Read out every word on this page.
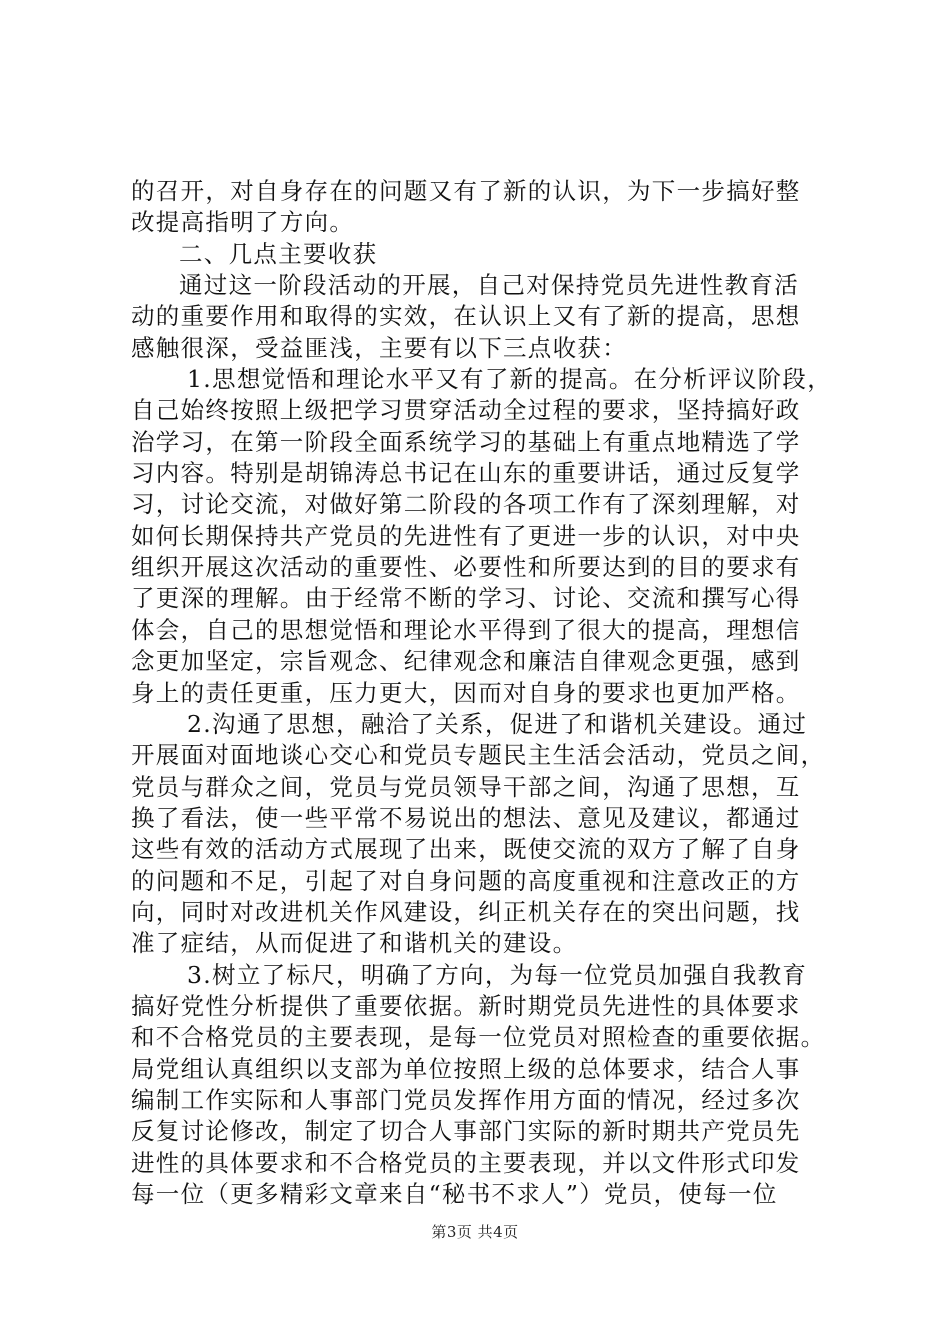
的召开，对自身存在的问题又有了新的认识，为下一步搞好整
改提高指明了方向。
二、几点主要收获
通过这一阶段活动的开展，自己对保持党员先进性教育活
动的重要作用和取得的实效，在认识上又有了新的提高，思想
感触很深，受益匪浅，主要有以下三点收获：
1.思想觉悟和理论水平又有了新的提高。在分析评议阶段，
自己始终按照上级把学习贯穿活动全过程的要求，坚持搞好政
治学习，在第一阶段全面系统学习的基础上有重点地精选了学
习内容。特别是胡锦涛总书记在山东的重要讲话，通过反复学
习，讨论交流，对做好第二阶段的各项工作有了深刻理解，对
如何长期保持共产党员的先进性有了更进一步的认识，对中央
组织开展这次活动的重要性、必要性和所要达到的目的要求有
了更深的理解。由于经常不断的学习、讨论、交流和撰写心得
体会，自己的思想觉悟和理论水平得到了很大的提高，理想信
念更加坚定，宗旨观念、纪律观念和廉洁自律观念更强，感到
身上的责任更重，压力更大，因而对自身的要求也更加严格。
2.沟通了思想，融洽了关系，促进了和谐机关建设。通过
开展面对面地谈心交心和党员专题民主生活会活动，党员之间，
党员与群众之间，党员与党员领导干部之间，沟通了思想，互
换了看法，使一些平常不易说出的想法、意见及建议，都通过
这些有效的活动方式展现了出来，既使交流的双方了解了自身
的问题和不足，引起了对自身问题的高度重视和注意改正的方
向，同时对改进机关作风建设，纠正机关存在的突出问题，找
准了症结，从而促进了和谐机关的建设。
3.树立了标尺，明确了方向，为每一位党员加强自我教育
搞好党性分析提供了重要依据。新时期党员先进性的具体要求
和不合格党员的主要表现，是每一位党员对照检查的重要依据。
局党组认真组织以支部为单位按照上级的总体要求，结合人事
编制工作实际和人事部门党员发挥作用方面的情况，经过多次
反复讨论修改，制定了切合人事部门实际的新时期共产党员先
进性的具体要求和不合格党员的主要表现，并以文件形式印发
每一位（更多精彩文章来自“秘书不求人”）党员，使每一位
第3页 共4页
